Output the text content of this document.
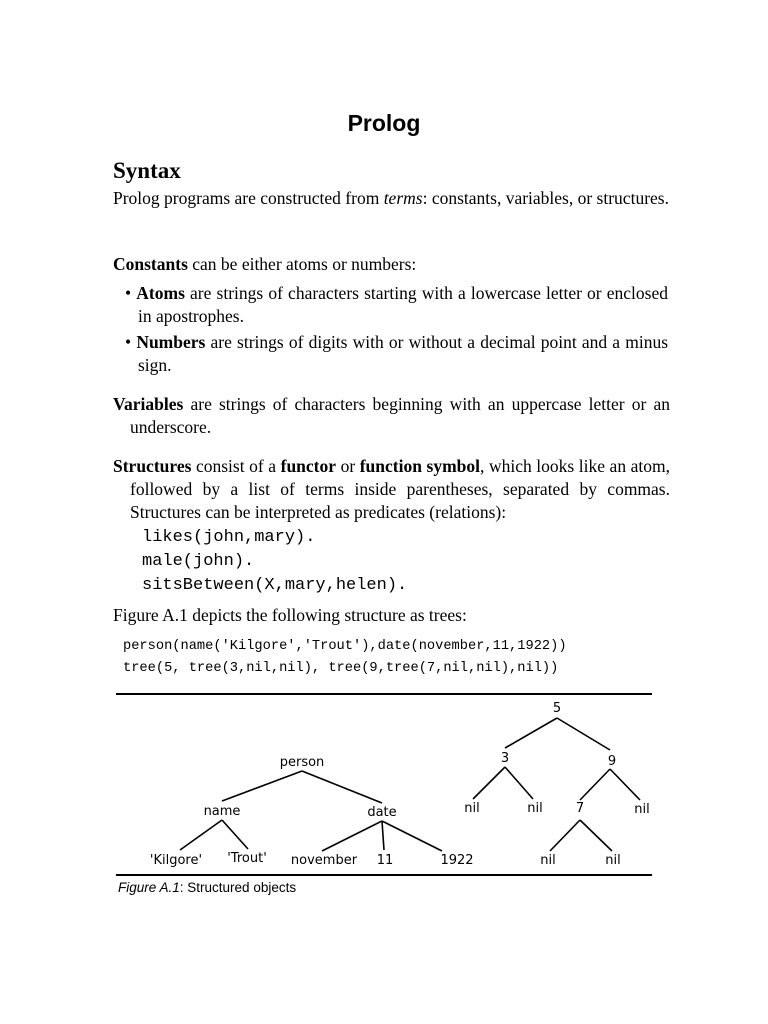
Prolog
Syntax
Prolog programs are constructed from terms: constants, variables, or structures.
Constants can be either atoms or numbers:
• Atoms are strings of characters starting with a lowercase letter or enclosed in apostrophes.
• Numbers are strings of digits with or without a decimal point and a minus sign.
Variables are strings of characters beginning with an uppercase letter or an underscore.
Structures consist of a functor or function symbol, which looks like an atom, followed by a list of terms inside parentheses, separated by commas. Structures can be interpreted as predicates (relations):
likes(john,mary).
male(john).
sitsBetween(X,mary,helen).
Figure A.1 depicts the following structure as trees:
person(name('Kilgore','Trout'),date(november,11,1922))
tree(5, tree(3,nil,nil), tree(9,tree(7,nil,nil),nil))
person
name	date
'Kilgore' 'Trout' november 11	1922
5
3	9
nil	nil	7	nil
nil	nil
Figure A.1: Structured objects
